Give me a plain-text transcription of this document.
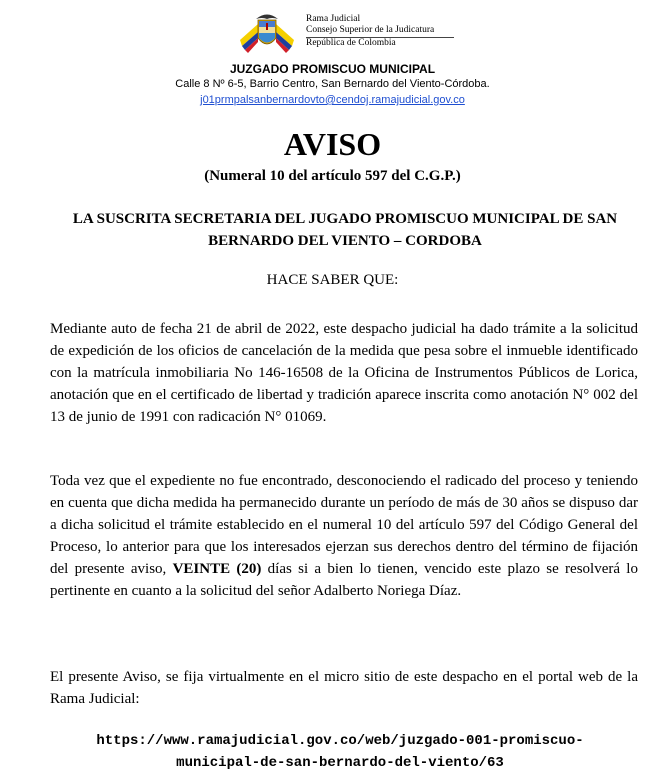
Rama Judicial
Consejo Superior de la Judicatura
República de Colombia
JUZGADO PROMISCUO MUNICIPAL
Calle 8 Nº 6-5, Barrio Centro, San Bernardo del Viento-Córdoba.
j01prmpalsanbernardovto@cendoj.ramajudicial.gov.co
AVISO
(Numeral 10 del artículo 597 del C.G.P.)
LA SUSCRITA SECRETARIA DEL JUGADO PROMISCUO MUNICIPAL DE SAN
BERNARDO DEL VIENTO – CORDOBA
HACE SABER QUE:

Mediante auto de fecha 21 de abril de 2022, este despacho judicial ha dado trámite a la solicitud de expedición de los oficios de cancelación de la medida que pesa sobre el inmueble identificado con la matrícula inmobiliaria No 146-16508 de la Oficina de Instrumentos Públicos de Lorica, anotación que en el certificado de libertad y tradición aparece inscrita como anotación N° 002 del 13 de junio de 1991 con radicación N° 01069.

Toda vez que el expediente no fue encontrado, desconociendo el radicado del proceso y teniendo en cuenta que dicha medida ha permanecido durante un período de más de 30 años se dispuso dar a dicha solicitud el trámite establecido en el numeral 10 del artículo 597 del Código General del Proceso, lo anterior para que los interesados ejerzan sus derechos dentro del término de fijación del presente aviso, VEINTE (20) días si a bien lo tienen, vencido este plazo se resolverá lo pertinente en cuanto a la solicitud del señor Adalberto Noriega Díaz.

El presente Aviso, se fija virtualmente en el micro sitio de este despacho en el portal web de la Rama Judicial:

https://www.ramajudicial.gov.co/web/juzgado-001-promiscuo-
municipal-de-san-bernardo-del-viento/63
